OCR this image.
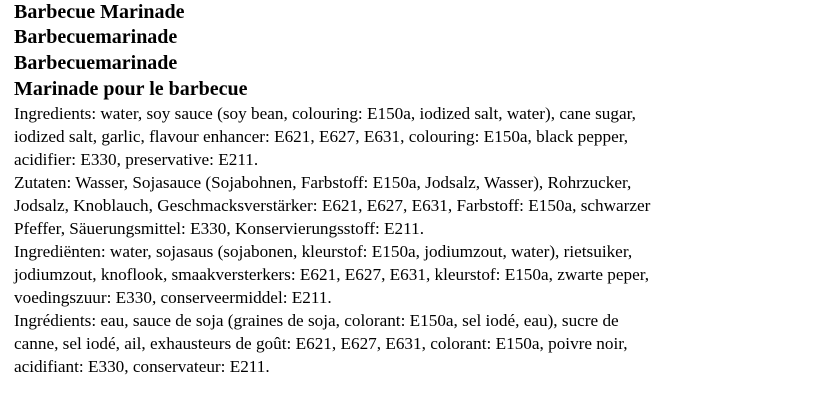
Barbecue Marinade

Barbecuemarinade

Barbecuemarinade

Marinade pour le barbecue

Ingredients: water, soy sauce (soy bean, colouring: E150a, iodized salt, water), cane sugar,
iodized salt, garlic, flavour enhancer: E621, E627, E631, colouring: E150a, black pepper,
acidifier: E330, preservative: E211.

Zutaten: Wasser, Sojasauce (Sojabohnen, Farbstoff: E150a, Jodsalz, Wasser), Rohrzucker,
Jodsalz, Knoblauch, Geschmacksverstärker: E621, E627, E631, Farbstoff: E150a, schwarzer
Pfeffer, Säuerungsmittel: E330, Konservierungsstoff: E211.

Ingrediënten: water, sojasaus (sojabonen, kleurstof: E150a, jodiumzout, water), rietsuiker,
jodiumzout, knoflook, smaakversterkers: E621, E627, E631, kleurstof: E150a, zwarte peper,
voedingszuur: E330, conserveermiddel: E211.

Ingrédients: eau, sauce de soja (graines de soja, colorant: E150a, sel iodé, eau), sucre de
canne, sel iodé, ail, exhausteurs de goût: E621, E627, E631, colorant: E150a, poivre noir,
acidifiant: E330, conservateur: E211.
